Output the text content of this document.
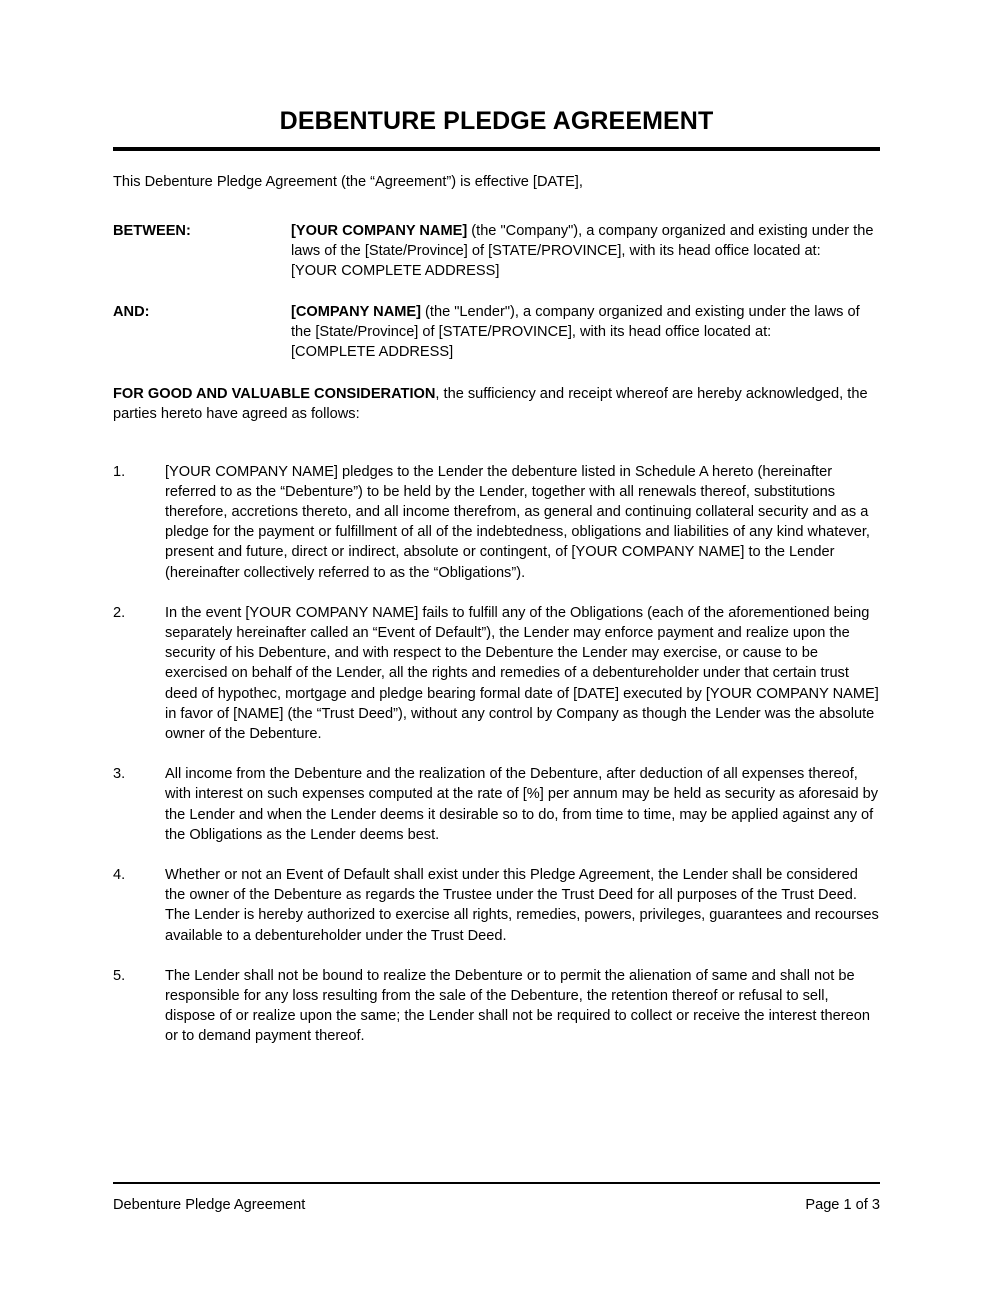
DEBENTURE PLEDGE AGREEMENT

This Debenture Pledge Agreement (the “Agreement”) is effective [DATE],

BETWEEN:	[YOUR COMPANY NAME] (the "Company"), a company organized and existing under the laws of the [State/Province] of [STATE/PROVINCE], with its head office located at:

[YOUR COMPLETE ADDRESS]

AND:	[COMPANY NAME] (the "Lender"), a company organized and existing under the laws of the [State/Province] of [STATE/PROVINCE], with its head office located at:

[COMPLETE ADDRESS]

FOR GOOD AND VALUABLE CONSIDERATION, the sufficiency and receipt whereof are hereby acknowledged, the parties hereto have agreed as follows:

1.	[YOUR COMPANY NAME] pledges to the Lender the debenture listed in Schedule A hereto (hereinafter referred to as the “Debenture”) to be held by the Lender, together with all renewals thereof, substitutions therefore, accretions thereto, and all income therefrom, as general and continuing collateral security and as a pledge for the payment or fulfillment of all of the indebtedness, obligations and liabilities of any kind whatever, present and future, direct or indirect, absolute or contingent, of [YOUR COMPANY NAME] to the Lender (hereinafter collectively referred to as the “Obligations”).
2.	In the event [YOUR COMPANY NAME] fails to fulfill any of the Obligations (each of the aforementioned being separately hereinafter called an “Event of Default”), the Lender may enforce payment and realize upon the security of his Debenture, and with respect to the Debenture the Lender may exercise, or cause to be exercised on behalf of the Lender, all the rights and remedies of a debentureholder under that certain trust deed of hypothec, mortgage and pledge bearing formal date of [DATE] executed by [YOUR COMPANY NAME] in favor of [NAME] (the “Trust Deed”), without any control by Company as though the Lender was the absolute owner of the Debenture.
3.	All income from the Debenture and the realization of the Debenture, after deduction of all expenses thereof, with interest on such expenses computed at the rate of [%] per annum may be held as security as aforesaid by the Lender and when the Lender deems it desirable so to do, from time to time, may be applied against any of the Obligations as the Lender deems best.
4.	Whether or not an Event of Default shall exist under this Pledge Agreement, the Lender shall be considered the owner of the Debenture as regards the Trustee under the Trust Deed for all purposes of the Trust Deed. The Lender is hereby authorized to exercise all rights, remedies, powers, privileges, guarantees and recourses available to a debentureholder under the Trust Deed.
5.	The Lender shall not be bound to realize the Debenture or to permit the alienation of same and shall not be responsible for any loss resulting from the sale of the Debenture, the retention thereof or refusal to sell, dispose of or realize upon the same; the Lender shall not be required to collect or receive the interest thereon or to demand payment thereof.
Debenture Pledge Agreement	Page 1 of 3
